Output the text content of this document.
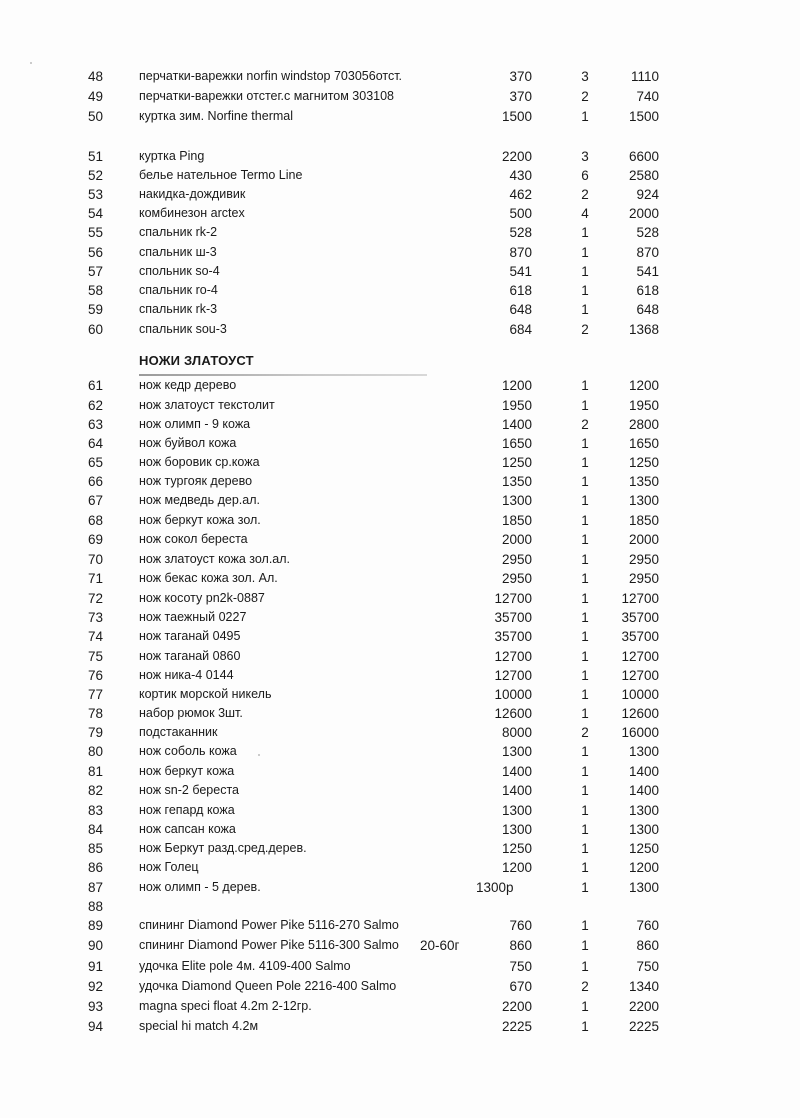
48	перчатки-варежки norfin windstop 703056отст.	370	3	1110
49	перчатки-варежки отстег.с магнитом 303108	370	2	740
50	куртка зим. Norfine thermal	1500	1	1500
51	куртка Ping	2200	3	6600
52	белье нательное Termo Line	430	6	2580
53	накидка-дождивик	462	2	924
54	комбинезон arctex	500	4	2000
55	спальник rk-2	528	1	528
56	спальник ш-3	870	1	870
57	спольник so-4	541	1	541
58	спальник ro-4	618	1	618
59	спальник rk-3	648	1	648
60	спальник sou-3	684	2	1368
НОЖИ ЗЛАТОУСТ
61	нож кедр дерево	1200	1	1200
62	нож златоуст текстолит	1950	1	1950
63	нож олимп - 9 кожа	1400	2	2800
64	нож буйвол кожа	1650	1	1650
65	нож боровик ср.кожа	1250	1	1250
66	нож тургояк дерево	1350	1	1350
67	нож медведь дер.ал.	1300	1	1300
68	нож беркут кожа зол.	1850	1	1850
69	нож сокол береста	2000	1	2000
70	нож златоуст кожа зол.ал.	2950	1	2950
71	нож бекас кожа зол. Ал.	2950	1	2950
72	нож косоту pn2k-0887	12700	1	12700
73	нож таежный 0227	35700	1	35700
74	нож таганай 0495	35700	1	35700
75	нож таганай 0860	12700	1	12700
76	нож ника-4 0144	12700	1	12700
77	кортик морской никель	10000	1	10000
78	набор рюмок 3шт.	12600	1	12600
79	подстаканник	8000	2	16000
80	нож соболь кожа	1300	1	1300
81	нож беркут кожа	1400	1	1400
82	нож sn-2 береста	1400	1	1400
83	нож гепард кожа	1300	1	1300
84	нож сапсан кожа	1300	1	1300
85	нож Беркут разд.сред.дерев.	1250	1	1250
86	нож Голец	1200	1	1200
87	нож олимп - 5 дерев.	1300р	1	1300
88
89	спининг Diamond Power Pike 5116-270 Salmo	760	1	760
90	спининг Diamond Power Pike 5116-300 Salmo	20-60г	860	1	860
91	удочка Elite pole 4м. 4109-400 Salmo	750	1	750
92	удочка Diamond Queen Pole 2216-400 Salmo	670	2	1340
93	magna speci float 4.2m 2-12гр.	2200	1	2200
94	special hi match 4.2м	2225	1	2225
